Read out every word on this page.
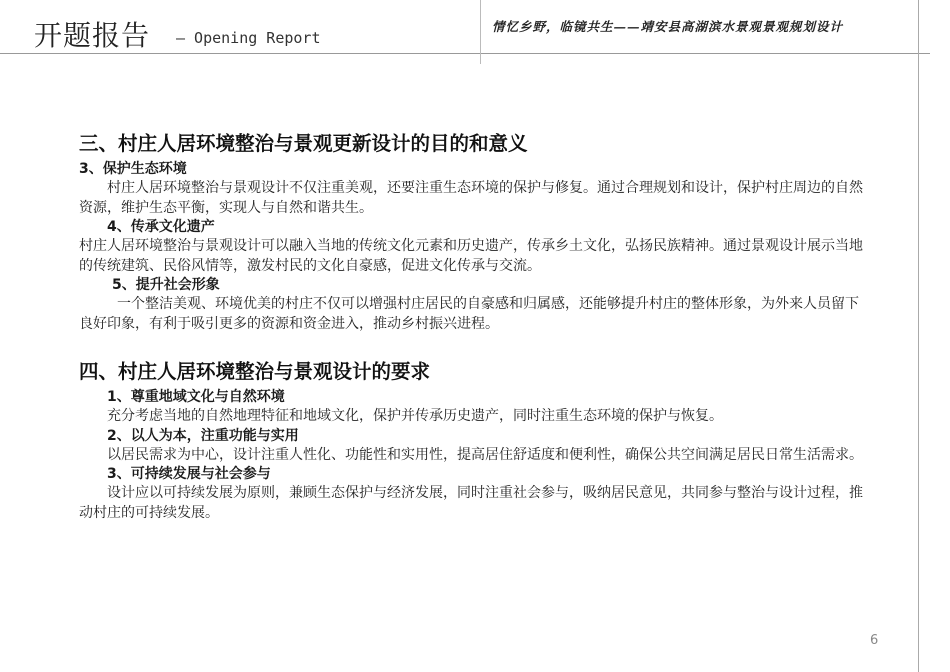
开题报告 — Opening Report
情忆乡野，临镜共生——靖安县高湖滨水景观景观规划设计
三、村庄人居环境整治与景观更新设计的目的和意义

3、保护生态环境

村庄人居环境整治与景观设计不仅注重美观，还要注重生态环境的保护与修复。通过合理规划和设计，保护村庄周边的自然资源，维护生态平衡，实现人与自然和谐共生。

4、传承文化遗产

村庄人居环境整治与景观设计可以融入当地的传统文化元素和历史遗产，传承乡土文化，弘扬民族精神。通过景观设计展示当地的传统建筑、民俗风情等，激发村民的文化自豪感，促进文化传承与交流。

5、提升社会形象

一个整洁美观、环境优美的村庄不仅可以增强村庄居民的自豪感和归属感，还能够提升村庄的整体形象，为外来人员留下良好印象，有利于吸引更多的资源和资金进入，推动乡村振兴进程。

四、村庄人居环境整治与景观设计的要求

1、尊重地域文化与自然环境

充分考虑当地的自然地理特征和地域文化，保护并传承历史遗产，同时注重生态环境的保护与恢复。

2、以人为本，注重功能与实用

以居民需求为中心，设计注重人性化、功能性和实用性，提高居住舒适度和便利性，确保公共空间满足居民日常生活需求。

3、可持续发展与社会参与

设计应以可持续发展为原则，兼顾生态保护与经济发展，同时注重社会参与，吸纳居民意见，共同参与整治与设计过程，推动村庄的可持续发展。

6
